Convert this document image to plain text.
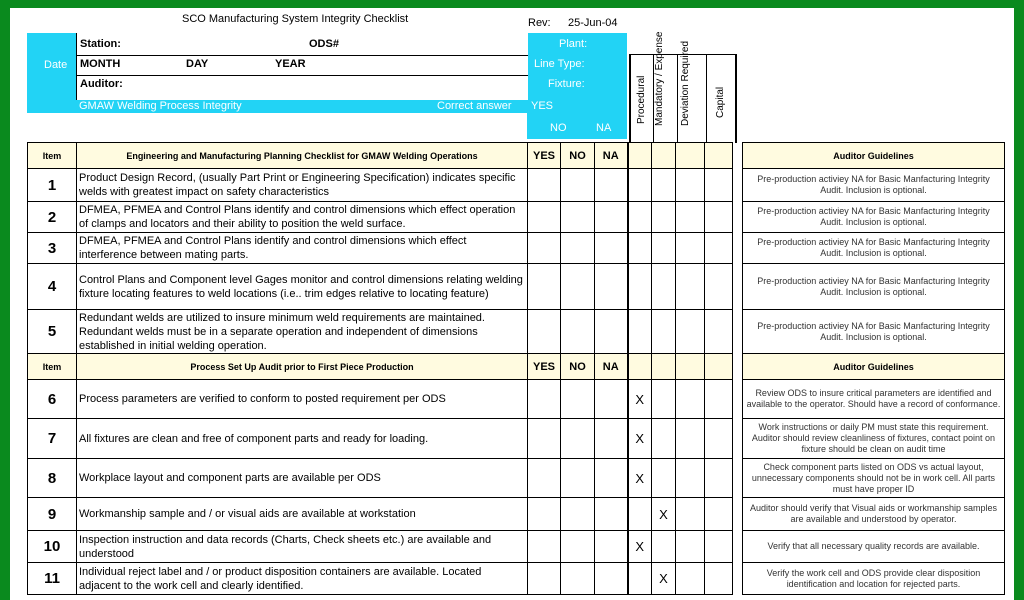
SCO Manufacturing System Integrity Checklist	Rev: 25-Jun-04
Date
Station:	ODS#
MONTH	DAY	YEAR
Auditor:
Plant:
Line Type:
Fixture:
GMAW Welding Process Integrity	Correct answer YES
NO	NA
Procedural Mandatory / Expense Deviation Required Capital
Item	Engineering and Manufacturing Planning Checklist for GMAW Welding Operations	YES	NO	NA						Auditor Guidelines
1	Product Design Record, (usually Part Print or Engineering Specification) indicates specific welds with greatest impact on safety characteristics									Pre-production activiey NA for Basic Manfacturing Integrity Audit. Inclusion is optional.
2	DFMEA, PFMEA and Control Plans identify and control dimensions which effect operation of clamps and locators and their ability to position the weld surface.									Pre-production activiey NA for Basic Manfacturing Integrity Audit. Inclusion is optional.
3	DFMEA, PFMEA and Control Plans identify and control dimensions which effect interference between mating parts.									Pre-production activiey NA for Basic Manfacturing Integrity Audit. Inclusion is optional.
4	Control Plans and Component level Gages monitor and control dimensions relating welding fixture locating features to weld locations (i.e.. trim edges relative to locating feature)									Pre-production activiey NA for Basic Manfacturing Integrity Audit. Inclusion is optional.
5	Redundant welds are utilized to insure minimum weld requirements are maintained. Redundant welds must be in a separate operation and independent of dimensions established in initial welding operation.									Pre-production activiey NA for Basic Manfacturing Integrity Audit. Inclusion is optional.
Item	Process Set Up Audit prior to First Piece Production	YES	NO	NA						Auditor Guidelines
6	Process parameters are verified to conform to posted requirement per ODS				X					Review ODS to insure critical parameters are identified and available to the operator. Should have a record of conformance.
7	All fixtures are clean and free of component parts and ready for loading.				X					Work instructions or daily PM must state this requirement. Auditor should review cleanliness of fixtures, contact point on fixture should be clean on audit time
8	Workplace layout and component parts are available per ODS				X					Check component parts listed on ODS vs actual layout, unnecessary components should not be in work cell. All parts must have proper ID
9	Workmanship sample and / or visual aids are available at workstation					X				Auditor should verify that Visual aids or workmanship samples are available and understood by operator.
10	Inspection instruction and data records (Charts, Check sheets etc.) are available and understood				X					Verify that all necessary quality records are available.
11	Individual reject label and / or product disposition containers are available. Located adjacent to the work cell and clearly identified.					X				Verify the work cell and ODS provide clear disposition identification and location for rejected parts.
